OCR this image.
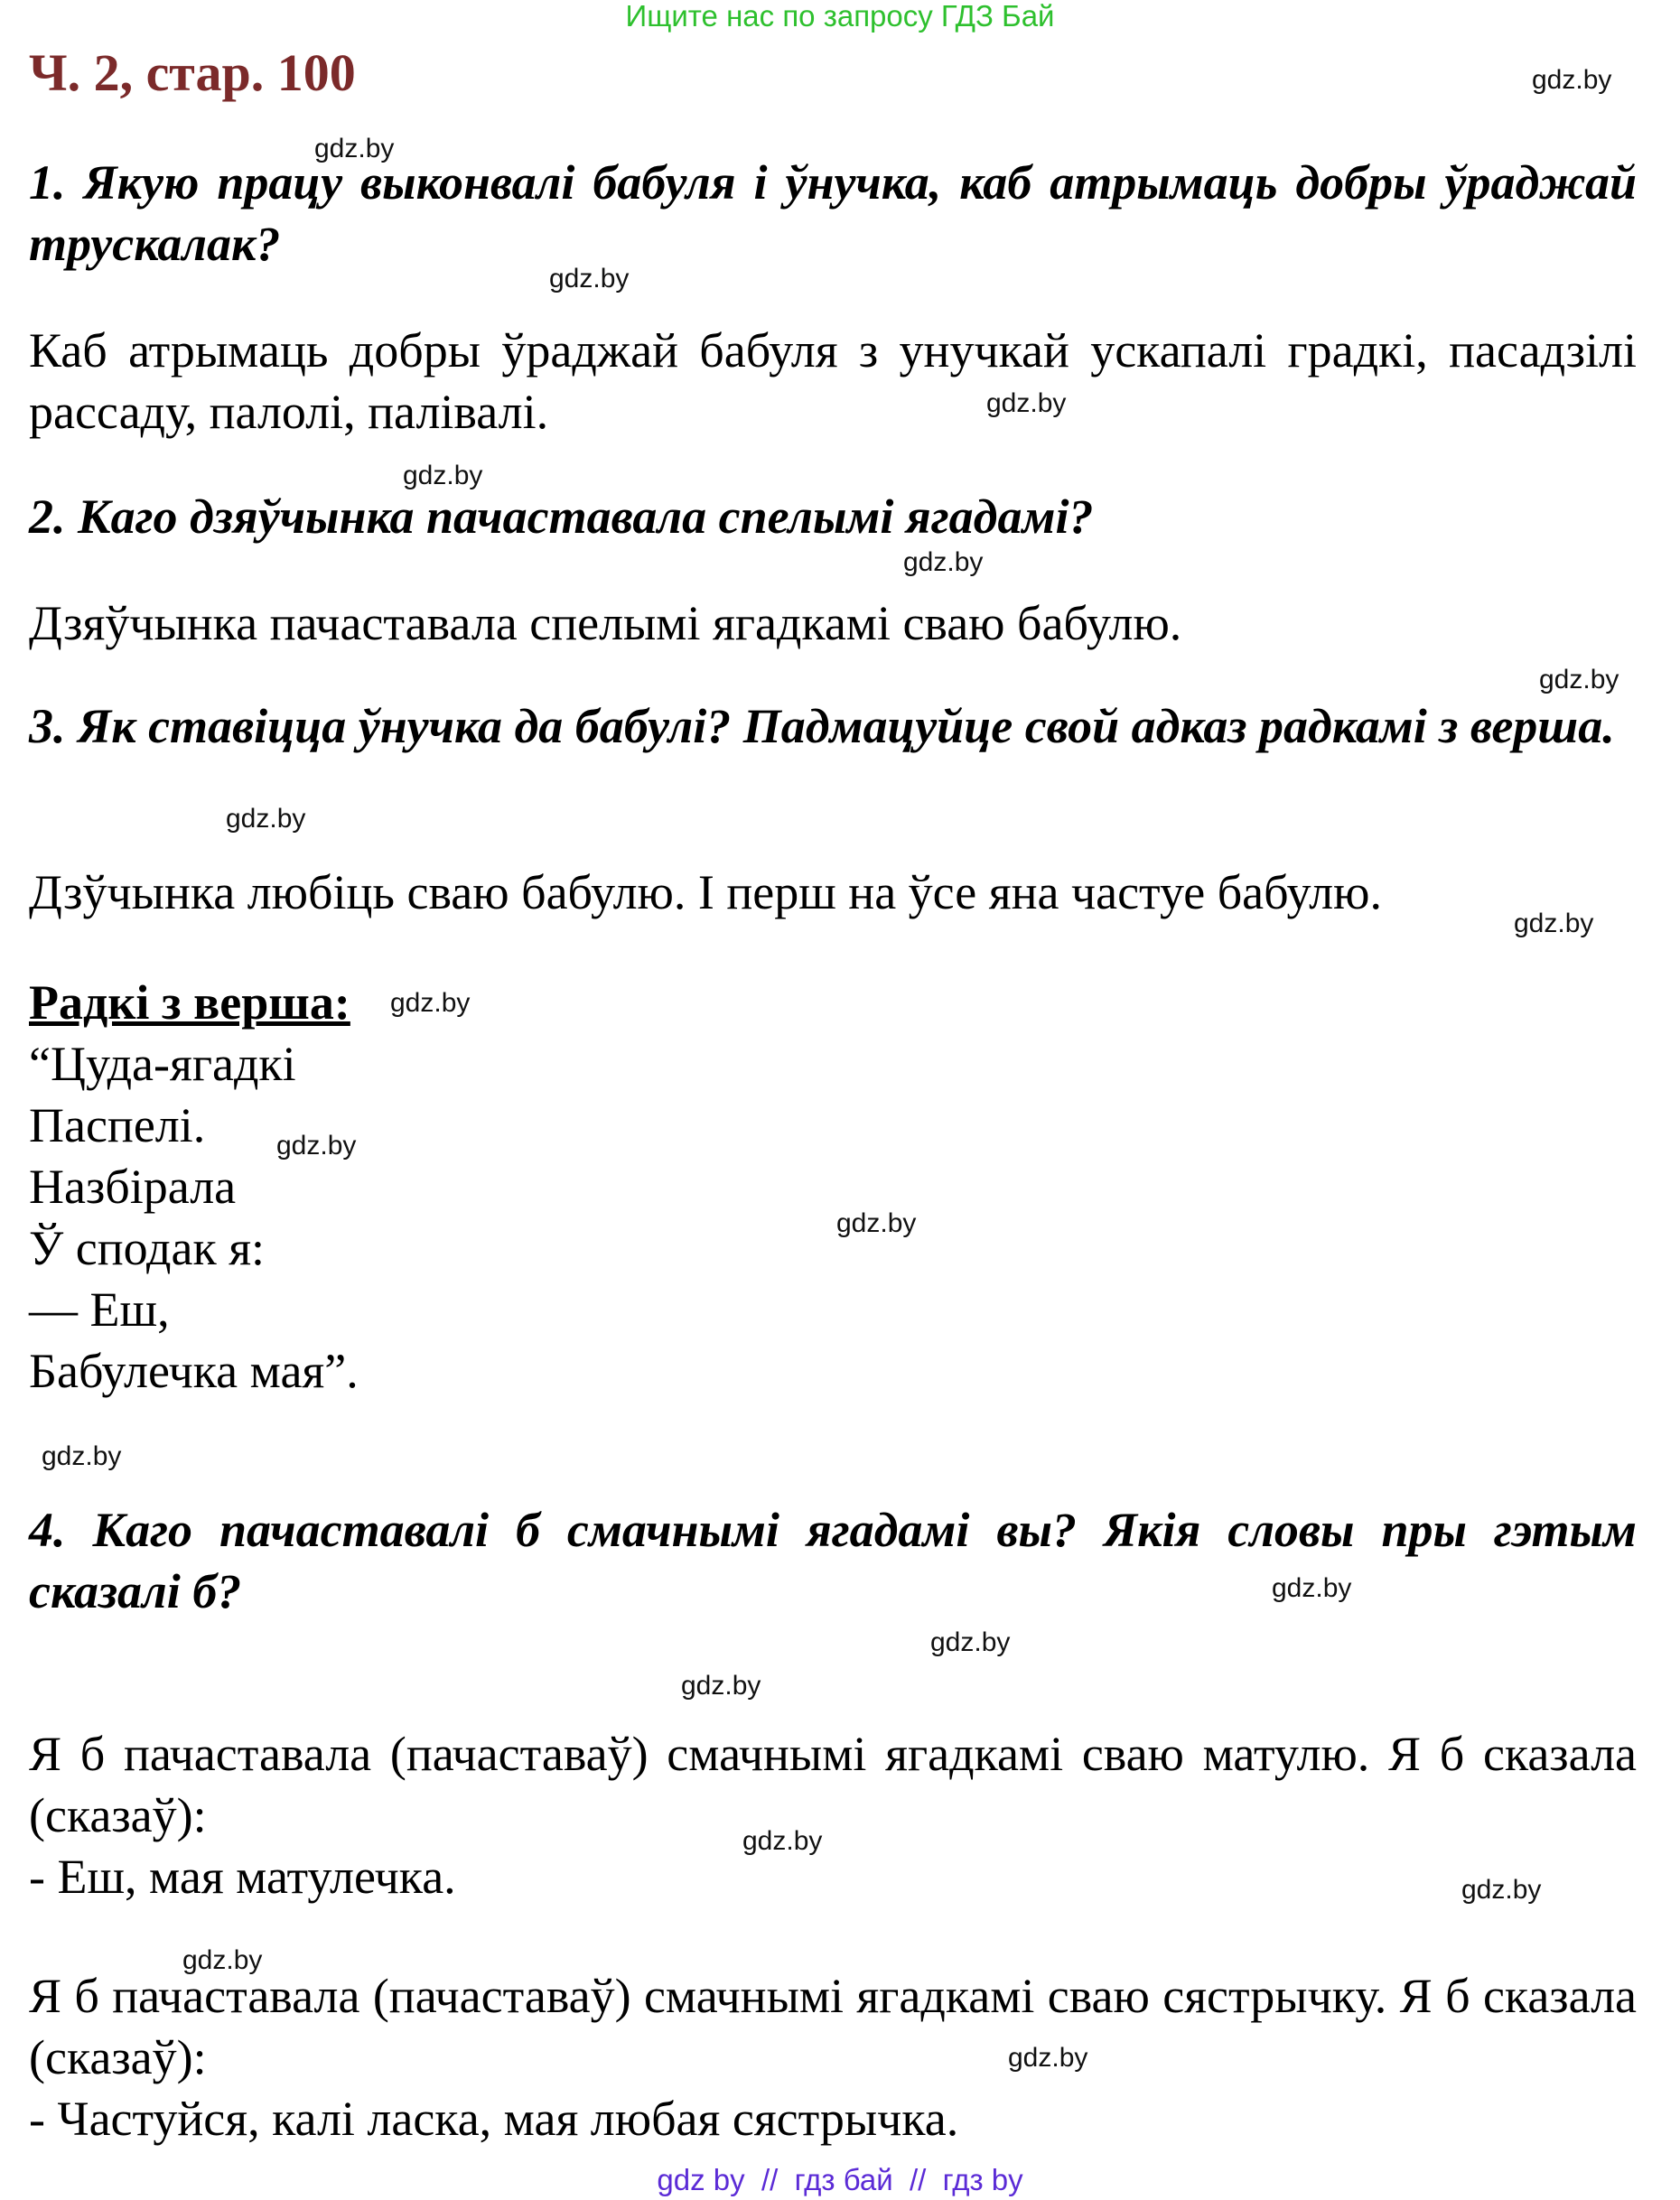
Ищите нас по запросу ГДЗ Бай
Ч. 2, стар. 100	gdz.by
gdz.by
gdz.by
gdz.by
gdz.by
gdz.by
gdz.by
gdz.by
gdz.by
gdz.by
gdz.by
gdz.by
gdz.by
gdz.by
gdz.by
gdz.by
gdz.by
gdz.by
gdz.by
gdz.by
1. Якую працу выконвалі бабуля і ўнучка, каб атрымаць добры ўраджай трускалак?
Каб атрымаць добры ўраджай бабуля з унучкай ускапалі градкі, пасадзілі рассаду, палолі, палівалі.
2. Каго дзяўчынка пачаставала спелымі ягадамі?
Дзяўчынка пачаставала спелымі ягадкамі сваю бабулю.
3. Як ставіцца ўнучка да бабулі? Падмацуйце свой адказ радкамі з верша.
Дзўчынка любіць сваю бабулю. І перш на ўсе яна частуе бабулю.
Радкі з верша:
“Цуда-ягадкі
Паспелі.
Назбірала
Ў сподак я:
— Еш,
Бабулечка мая”.
4. Каго пачаставалі б смачнымі ягадамі вы? Якія словы пры гэтым сказалі б?
Я б пачаставала (пачаставаў) смачнымі ягадкамі сваю матулю. Я б сказала (сказаў):
- Еш, мая матулечка.
Я б пачаставала (пачаставаў) смачнымі ягадкамі сваю сястрычку. Я б сказала (сказаў):
- Частуйся, калі ласка, мая любая сястрычка.
gdz by  //  гдз бай  //  гдз by
